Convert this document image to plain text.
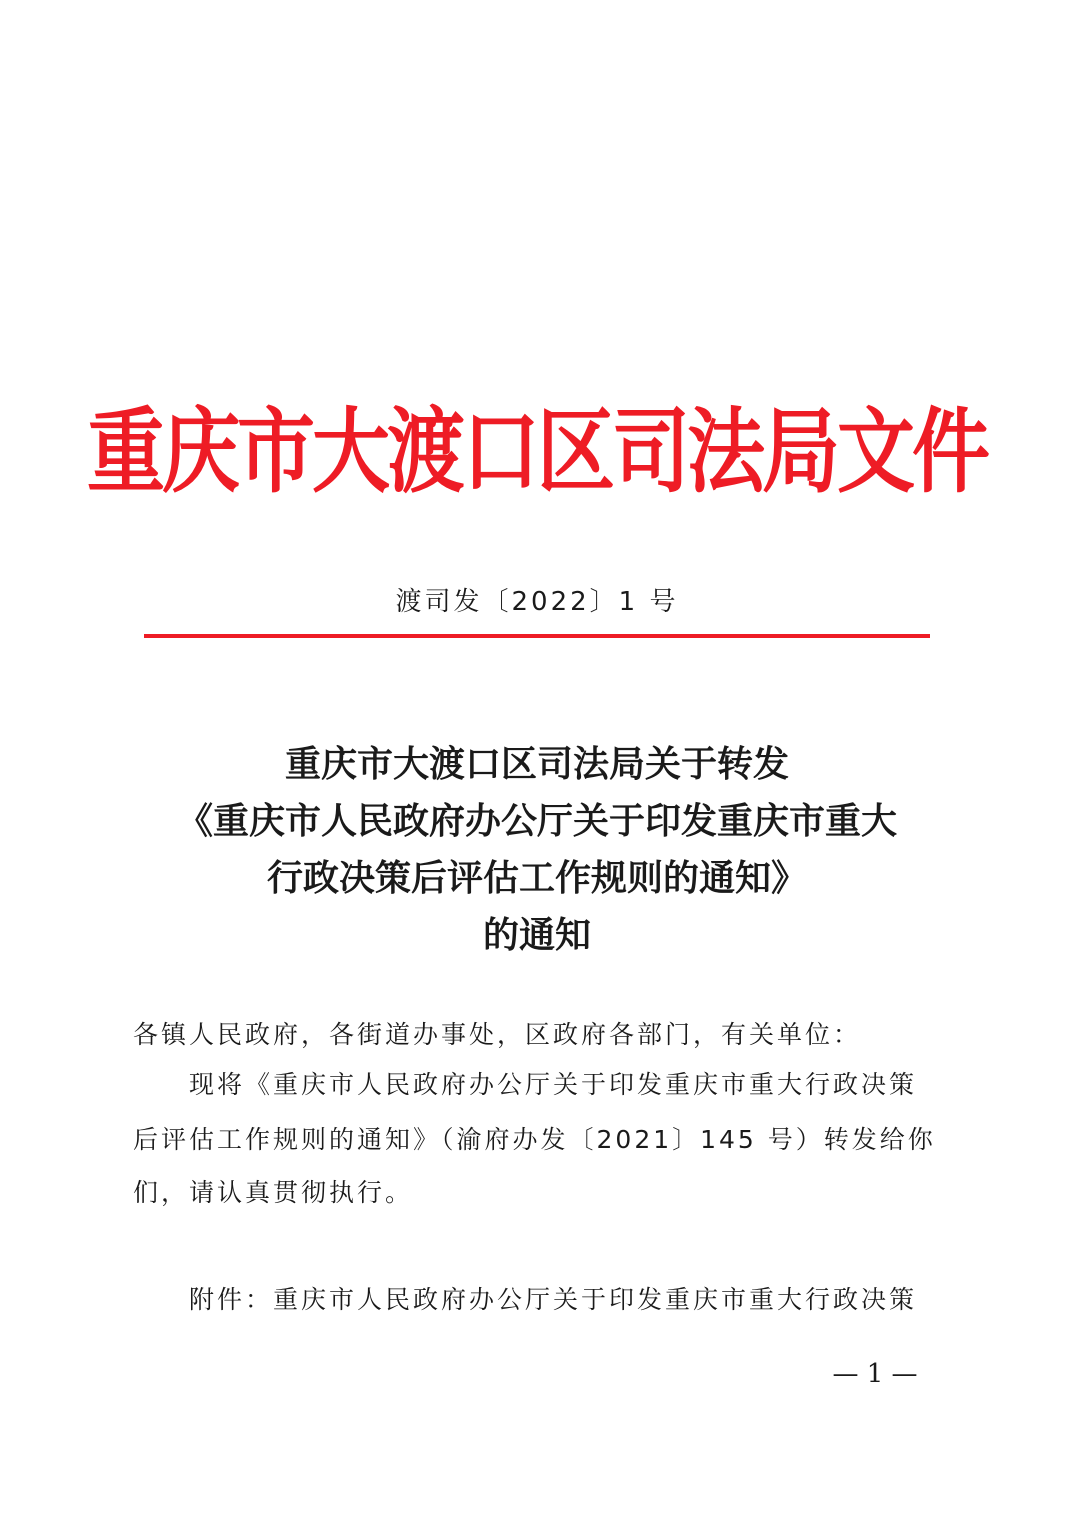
重庆市大渡口区司法局文件
渡司发〔2022〕1 号
重庆市大渡口区司法局关于转发
《重庆市人民政府办公厅关于印发重庆市重大
行政决策后评估工作规则的通知》
的通知
各镇人民政府，各街道办事处，区政府各部门，有关单位：
现将《重庆市人民政府办公厅关于印发重庆市重大行政决策
后评估工作规则的通知》（渝府办发〔2021〕145 号）转发给你
们，请认真贯彻执行。
附件：重庆市人民政府办公厅关于印发重庆市重大行政决策
— 1 —
